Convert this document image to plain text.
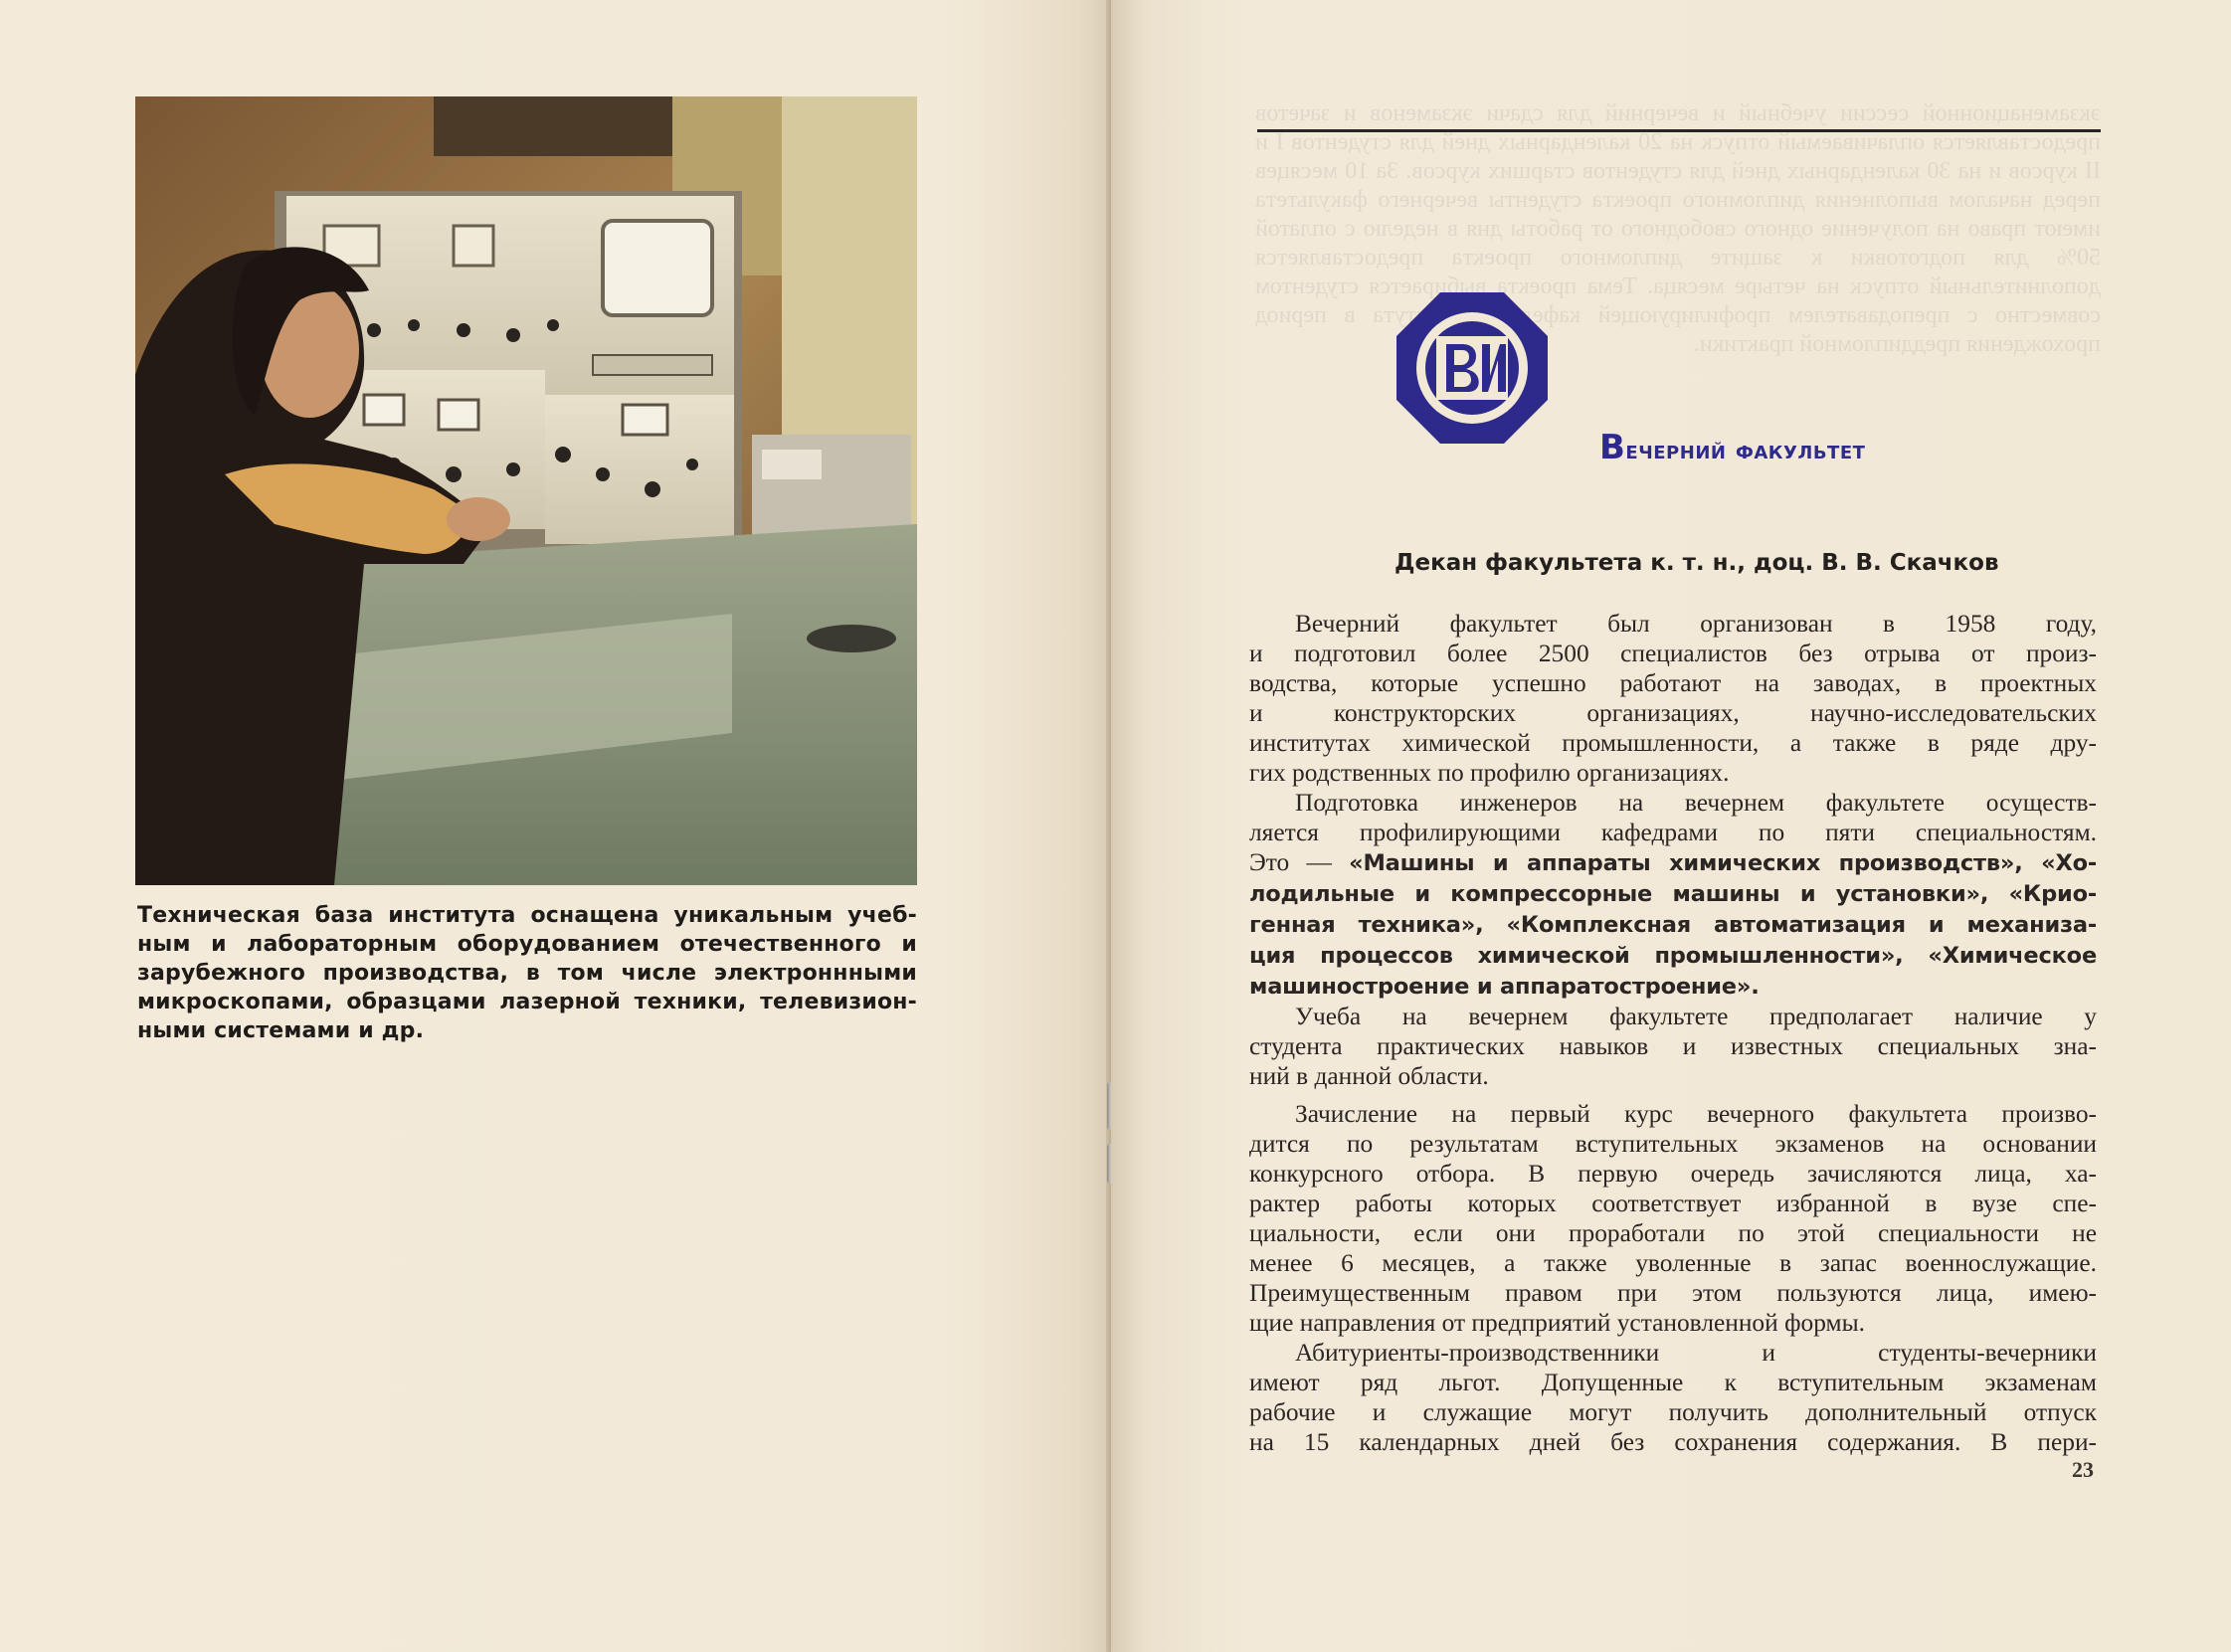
Техническая база института оснащена уникальным учеб-
ным и лабораторным оборудованием отечественного и
зарубежного производства, в том числе электроннными
микроскопами, образцами лазерной техники, телевизион-
ными системами и др.

Вечерний факультет
Декан факультета к. т. н., доц. В. В. Скачков

Вечерний факультет был организован в 1958 году,
и подготовил более 2500 специалистов без отрыва от произ-
водства, которые успешно работают на заводах, в проектных
и конструкторских организациях, научно-исследовательских
институтах химической промышленности, а также в ряде дру-
гих родственных по профилю организациях.

Подготовка инженеров на вечернем факультете осуществ-
ляется профилирующими кафедрами по пяти специальностям.
Это — «Машины и аппараты химических производств», «Хо-
лодильные и компрессорные машины и установки», «Крио-
генная техника», «Комплексная автоматизация и механиза-
ция процессов химической промышленности», «Химическое
машиностроение и аппаратостроение».

Учеба на вечернем факультете предполагает наличие у
студента практических навыков и известных специальных зна-
ний в данной области.

Зачисление на первый курс вечерного факультета произво-
дится по результатам вступительных экзаменов на основании
конкурсного отбора. В первую очередь зачисляются лица, ха-
рактер работы которых соответствует избранной в вузе спе-
циальности, если они проработали по этой специальности не
менее 6 месяцев, а также уволенные в запас военнослужащие.
Преимущественным правом при этом пользуются лица, имею-
щие направления от предприятий установленной формы.

Абитуриенты-производственники и студенты-вечерники
имеют ряд льгот. Допущенные к вступительным экзаменам
рабочие и служащие могут получить дополнительный отпуск
на 15 календарных дней без сохранения содержания. В пери-

23
